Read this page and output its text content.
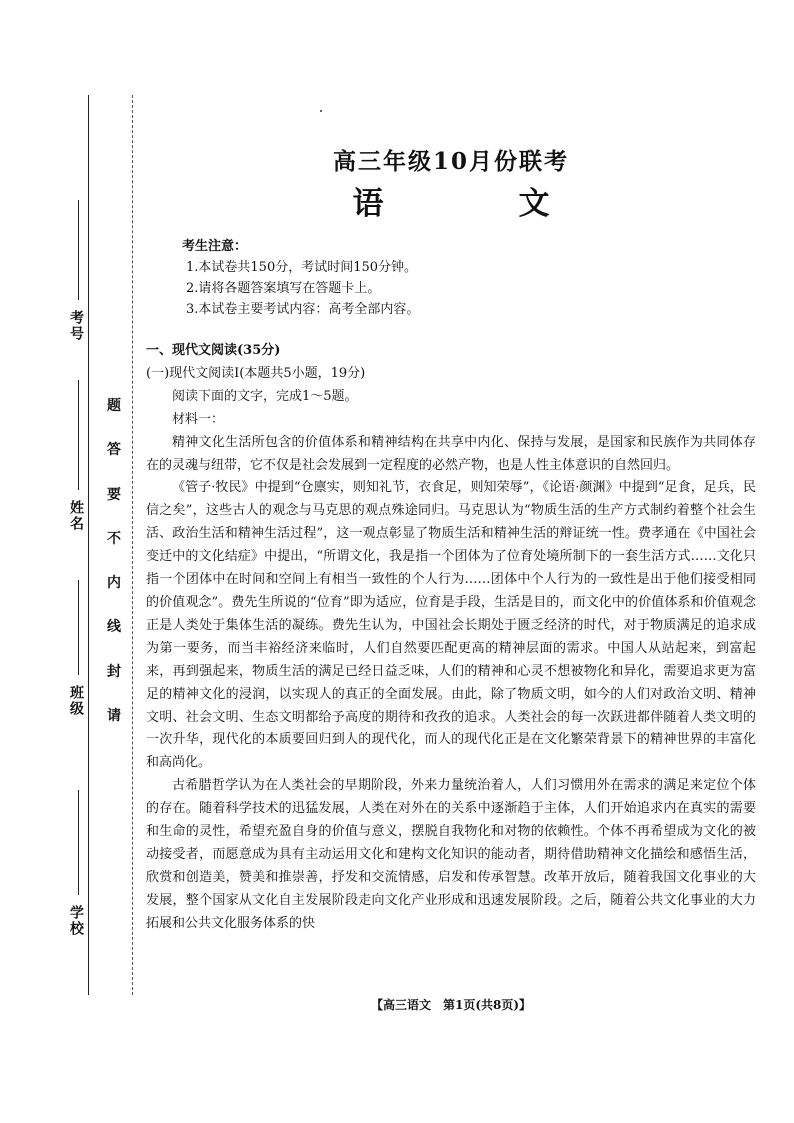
考号
姓名
班级
学校
题
答
要
不
内
线
封
请
高三年级10月份联考
语　文
考生注意：
1.本试卷共150分，考试时间150分钟。
2.请将各题答案填写在答题卡上。
3.本试卷主要考试内容：高考全部内容。
一、现代文阅读(35分)
(一)现代文阅读Ⅰ(本题共5小题，19分)
阅读下面的文字，完成1～5题。
材料一：

精神文化生活所包含的价值体系和精神结构在共享中内化、保持与发展，是国家和民族作为共同体存在的灵魂与纽带，它不仅是社会发展到一定程度的必然产物，也是人性主体意识的自然回归。

《管子·牧民》中提到“仓廪实，则知礼节，衣食足，则知荣辱”，《论语·颜渊》中提到“足食，足兵，民信之矣”，这些古人的观念与马克思的观点殊途同归。马克思认为“物质生活的生产方式制约着整个社会生活、政治生活和精神生活过程”，这一观点彰显了物质生活和精神生活的辩证统一性。费孝通在《中国社会变迁中的文化结症》中提出，“所谓文化，我是指一个团体为了位育处境所制下的一套生活方式……文化只指一个团体中在时间和空间上有相当一致性的个人行为……团体中个人行为的一致性是出于他们接受相同的价值观念”。费先生所说的“位育”即为适应，位育是手段，生活是目的，而文化中的价值体系和价值观念正是人类处于集体生活的凝练。费先生认为，中国社会长期处于匮乏经济的时代，对于物质满足的追求成为第一要务，而当丰裕经济来临时，人们自然要匹配更高的精神层面的需求。中国人从站起来，到富起来，再到强起来，物质生活的满足已经日益乏味，人们的精神和心灵不想被物化和异化，需要追求更为富足的精神文化的浸润，以实现人的真正的全面发展。由此，除了物质文明，如今的人们对政治文明、精神文明、社会文明、生态文明都给予高度的期待和孜孜的追求。人类社会的每一次跃进都伴随着人类文明的一次升华，现代化的本质要回归到人的现代化，而人的现代化正是在文化繁荣背景下的精神世界的丰富化和高尚化。

古希腊哲学认为在人类社会的早期阶段，外来力量统治着人，人们习惯用外在需求的满足来定位个体的存在。随着科学技术的迅猛发展，人类在对外在的关系中逐渐趋于主体，人们开始追求内在真实的需要和生命的灵性，希望充盈自身的价值与意义，摆脱自我物化和对物的依赖性。个体不再希望成为文化的被动接受者，而愿意成为具有主动运用文化和建构文化知识的能动者，期待借助精神文化描绘和感悟生活，欣赏和创造美，赞美和推崇善，抒发和交流情感，启发和传承智慧。改革开放后，随着我国文化事业的大发展，整个国家从文化自主发展阶段走向文化产业形成和迅速发展阶段。之后，随着公共文化事业的大力拓展和公共文化服务体系的快

【高三语文　第1页(共8页)】
